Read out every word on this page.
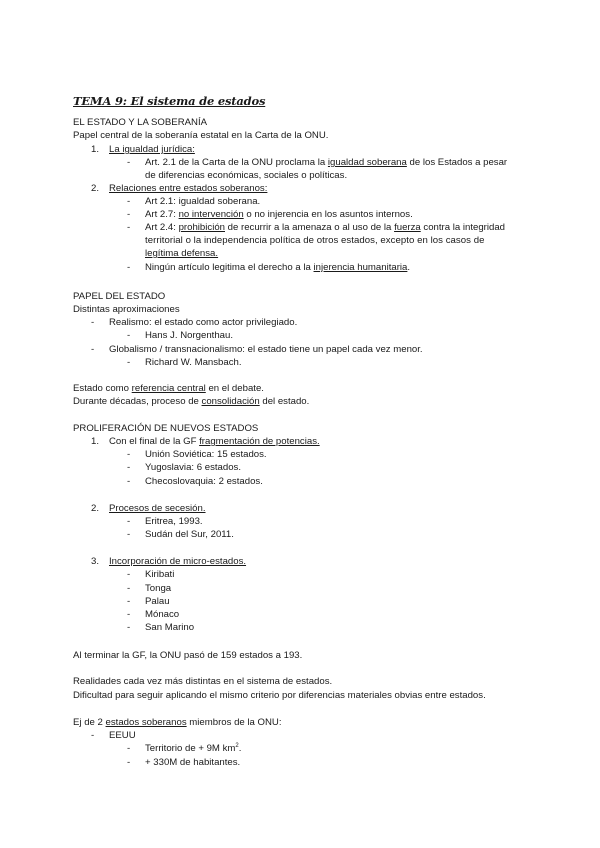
TEMA 9: El sistema de estados
EL ESTADO Y LA SOBERANÍA
Papel central de la soberanía estatal en la Carta de la ONU.
1. La igualdad jurídica:
- Art. 2.1 de la Carta de la ONU proclama la igualdad soberana de los Estados a pesar
de diferencias económicas, sociales o políticas.
2. Relaciones entre estados soberanos:
- Art 2.1: igualdad soberana.
- Art 2.7: no intervención o no injerencia en los asuntos internos.
- Art 2.4: prohibición de recurrir a la amenaza o al uso de la fuerza contra la integridad
territorial o la independencia política de otros estados, excepto en los casos de
legítima defensa.
- Ningún artículo legitima el derecho a la injerencia humanitaria.
PAPEL DEL ESTADO
Distintas aproximaciones
- Realismo: el estado como actor privilegiado.
- Hans J. Norgenthau.
- Globalismo / transnacionalismo: el estado tiene un papel cada vez menor.
- Richard W. Mansbach.
Estado como referencia central en el debate.
Durante décadas, proceso de consolidación del estado.
PROLIFERACIÓN DE NUEVOS ESTADOS
1. Con el final de la GF fragmentación de potencias.
- Unión Soviética: 15 estados.
- Yugoslavia: 6 estados.
- Checoslovaquia: 2 estados.
2. Procesos de secesión.
- Eritrea, 1993.
- Sudán del Sur, 2011.
3. Incorporación de micro-estados.
- Kiribati
- Tonga
- Palau
- Mónaco
- San Marino
Al terminar la GF, la ONU pasó de 159 estados a 193.
Realidades cada vez más distintas en el sistema de estados.
Dificultad para seguir aplicando el mismo criterio por diferencias materiales obvias entre estados.
Ej de 2 estados soberanos miembros de la ONU:
- EEUU
- Territorio de + 9M $km^2$.
- + 330M de habitantes.
